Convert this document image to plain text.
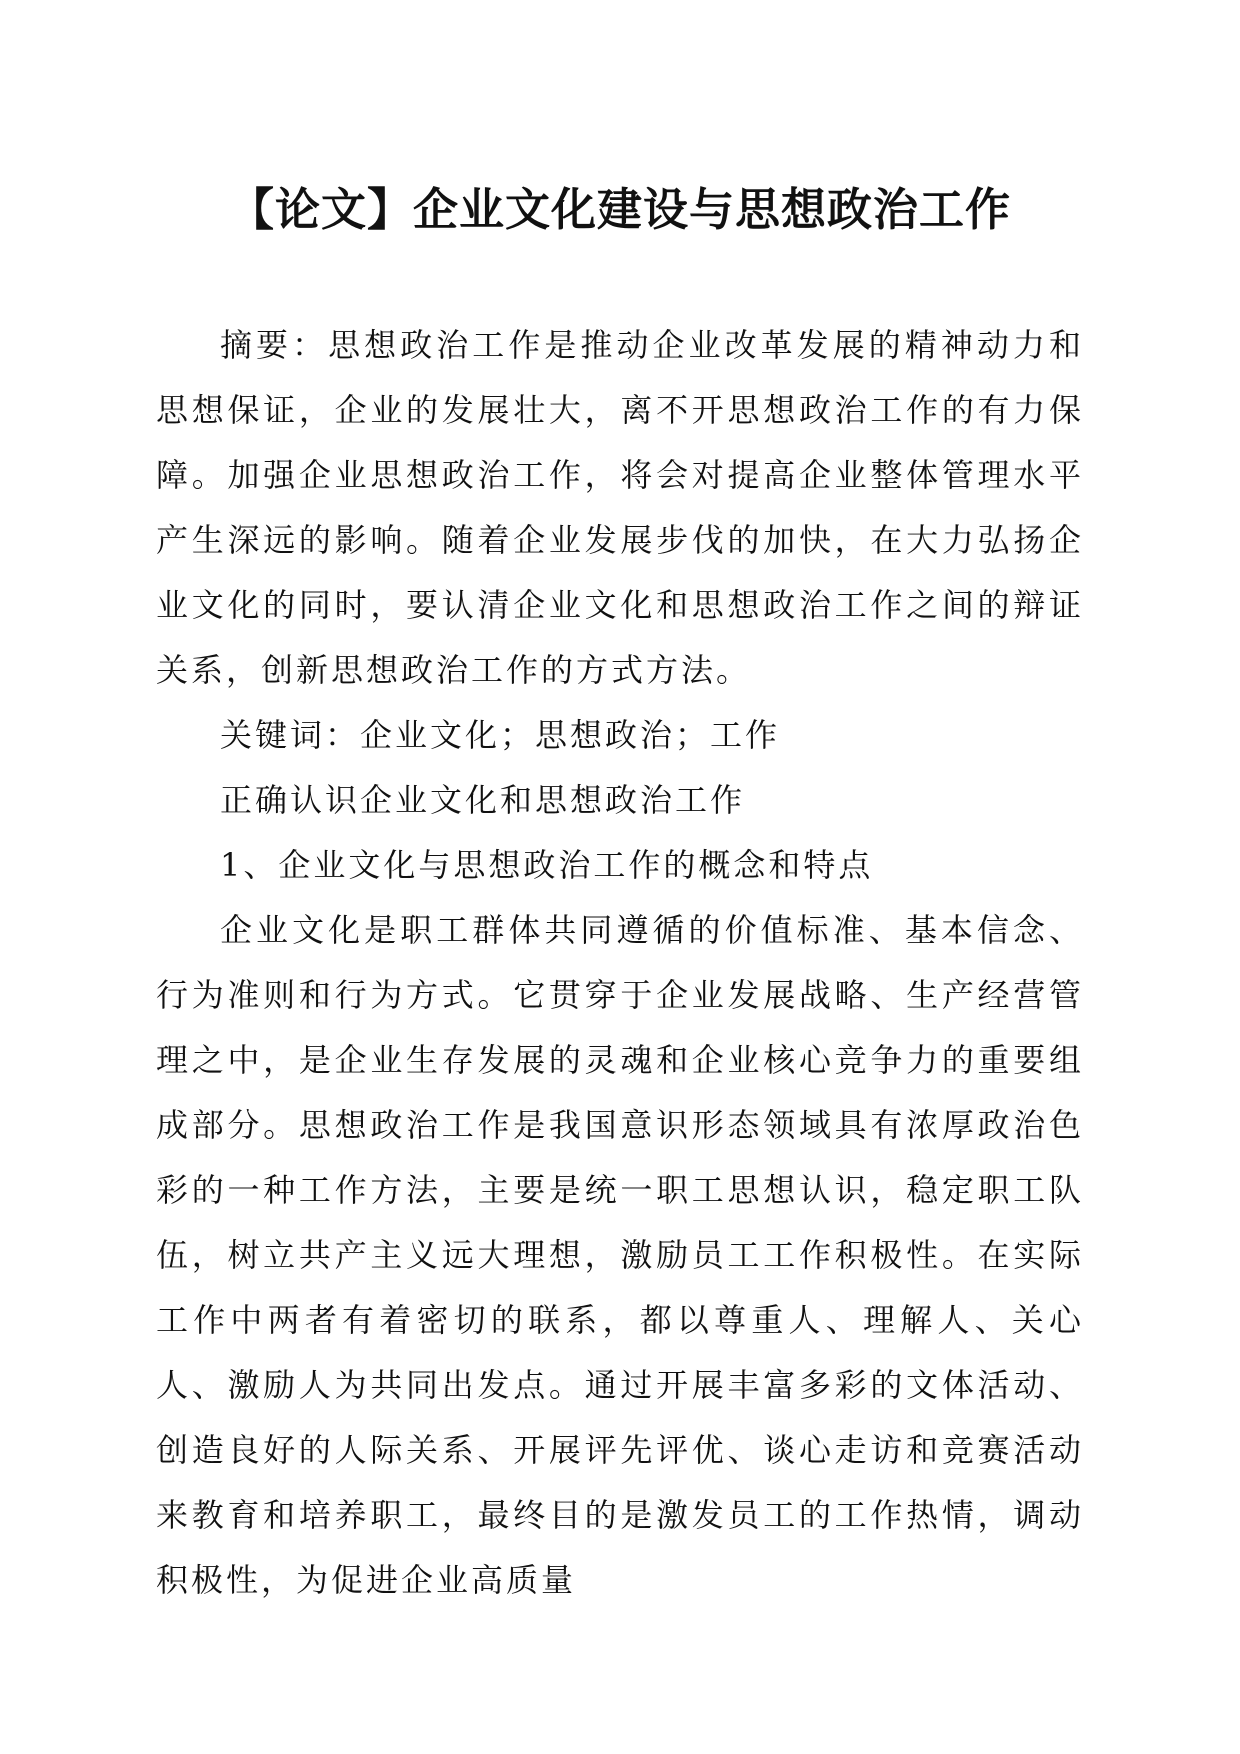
【论文】企业文化建设与思想政治工作

摘要：思想政治工作是推动企业改革发展的精神动力和思想保证，企业的发展壮大，离不开思想政治工作的有力保障。加强企业思想政治工作，将会对提高企业整体管理水平产生深远的影响。随着企业发展步伐的加快，在大力弘扬企业文化的同时，要认清企业文化和思想政治工作之间的辩证关系，创新思想政治工作的方式方法。

关键词：企业文化；思想政治；工作

正确认识企业文化和思想政治工作

1、企业文化与思想政治工作的概念和特点

企业文化是职工群体共同遵循的价值标准、基本信念、行为准则和行为方式。它贯穿于企业发展战略、生产经营管理之中，是企业生存发展的灵魂和企业核心竞争力的重要组成部分。思想政治工作是我国意识形态领域具有浓厚政治色彩的一种工作方法，主要是统一职工思想认识，稳定职工队伍，树立共产主义远大理想，激励员工工作积极性。在实际工作中两者有着密切的联系，都以尊重人、理解人、关心人、激励人为共同出发点。通过开展丰富多彩的文体活动、创造良好的人际关系、开展评先评优、谈心走访和竞赛活动来教育和培养职工，最终目的是激发员工的工作热情，调动积极性，为促进企业高质量
